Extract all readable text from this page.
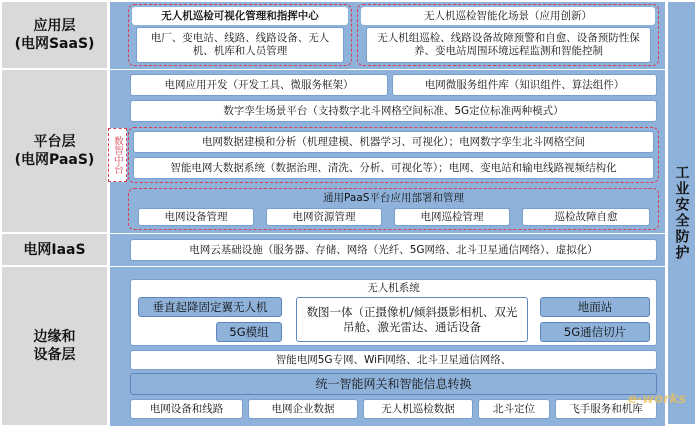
应用层
(电网SaaS)
平台层
(电网PaaS)
电网IaaS
边缘和
设备层
工业安全防护
无人机巡检可视化管理和指挥中心
电厂、变电站、线路、线路设备、无人机、机库和人员管理
无人机巡检智能化场景（应用创新）
无人机组巡检、线路设备故障预警和自愈、设备预防性保养、变电站周围环境远程监测和智能控制
电网应用开发（开发工具、微服务框架）	电网微服务组件库（知识组件、算法组件）
数字孪生场景平台（支持数字北斗网格空间标准、5G定位标准两种模式）
数智中台	电网数据建模和分析（机理建模、机器学习、可视化）；电网数字孪生北斗网格空间
智能电网大数据系统（数据治理、清洗、分析、可视化等）；电网、变电站和输电线路视频结构化
通用PaaS平台应用部署和管理
电网设备管理	电网资源管理	电网巡检管理	巡检故障自愈
电网云基础设施（服务器、存储、网络（光纤、5G网络、北斗卫星通信网络）、虚拟化）
无人机系统
垂直起降固定翼无人机
5G模组
数图一体（正摄像机/倾斜摄影相机、双光吊舱、激光雷达、通话设备
地面站
5G通信切片
智能电网5G专网、WiFi网络、北斗卫星通信网络、
统一智能网关和智能信息转换
电网设备和线路	电网企业数据	无人机巡检数据	北斗定位	飞手服务和机库
e-works
